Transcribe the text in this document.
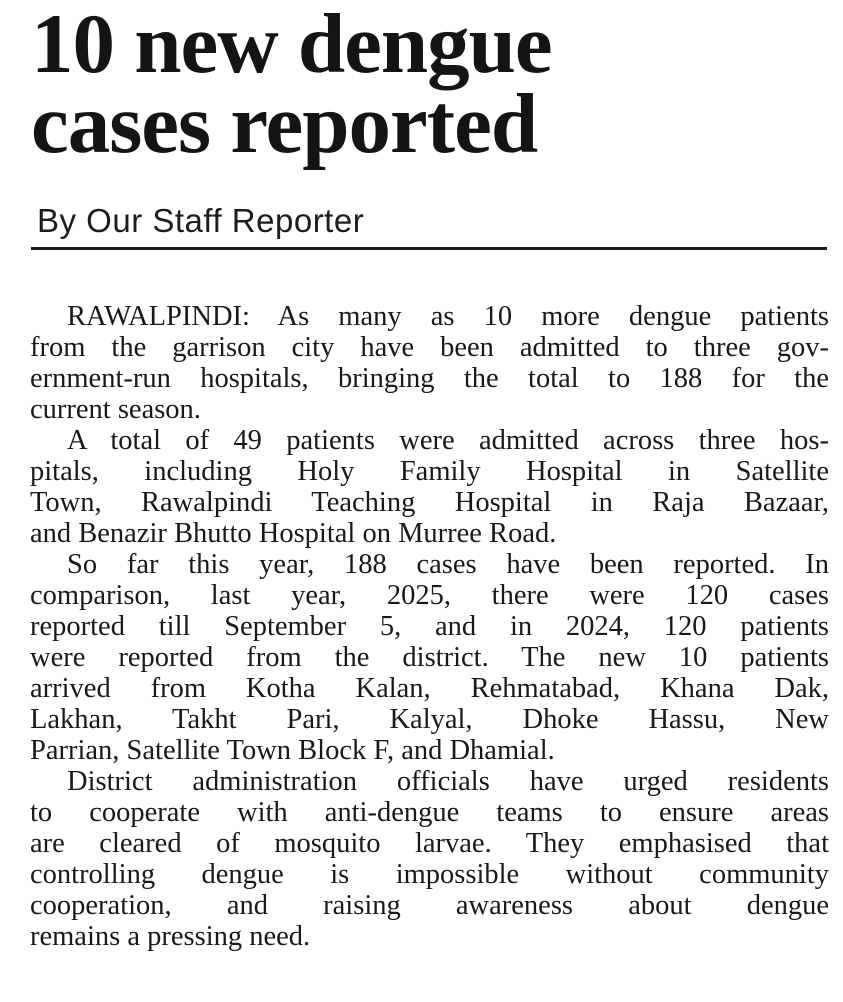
10 new dengue
cases reported
By Our Staff Reporter

RAWALPINDI: As many as 10 more dengue patients
from the garrison city have been admitted to three gov-
ernment-run hospitals, bringing the total to 188 for the
current season.

A total of 49 patients were admitted across three hos-
pitals, including Holy Family Hospital in Satellite
Town, Rawalpindi Teaching Hospital in Raja Bazaar,
and Benazir Bhutto Hospital on Murree Road.

So far this year, 188 cases have been reported. In
comparison, last year, 2025, there were 120 cases
reported till September 5, and in 2024, 120 patients
were reported from the district. The new 10 patients
arrived from Kotha Kalan, Rehmatabad, Khana Dak,
Lakhan, Takht Pari, Kalyal, Dhoke Hassu, New
Parrian, Satellite Town Block F, and Dhamial.

District administration officials have urged residents
to cooperate with anti-dengue teams to ensure areas
are cleared of mosquito larvae. They emphasised that
controlling dengue is impossible without community
cooperation, and raising awareness about dengue
remains a pressing need.
